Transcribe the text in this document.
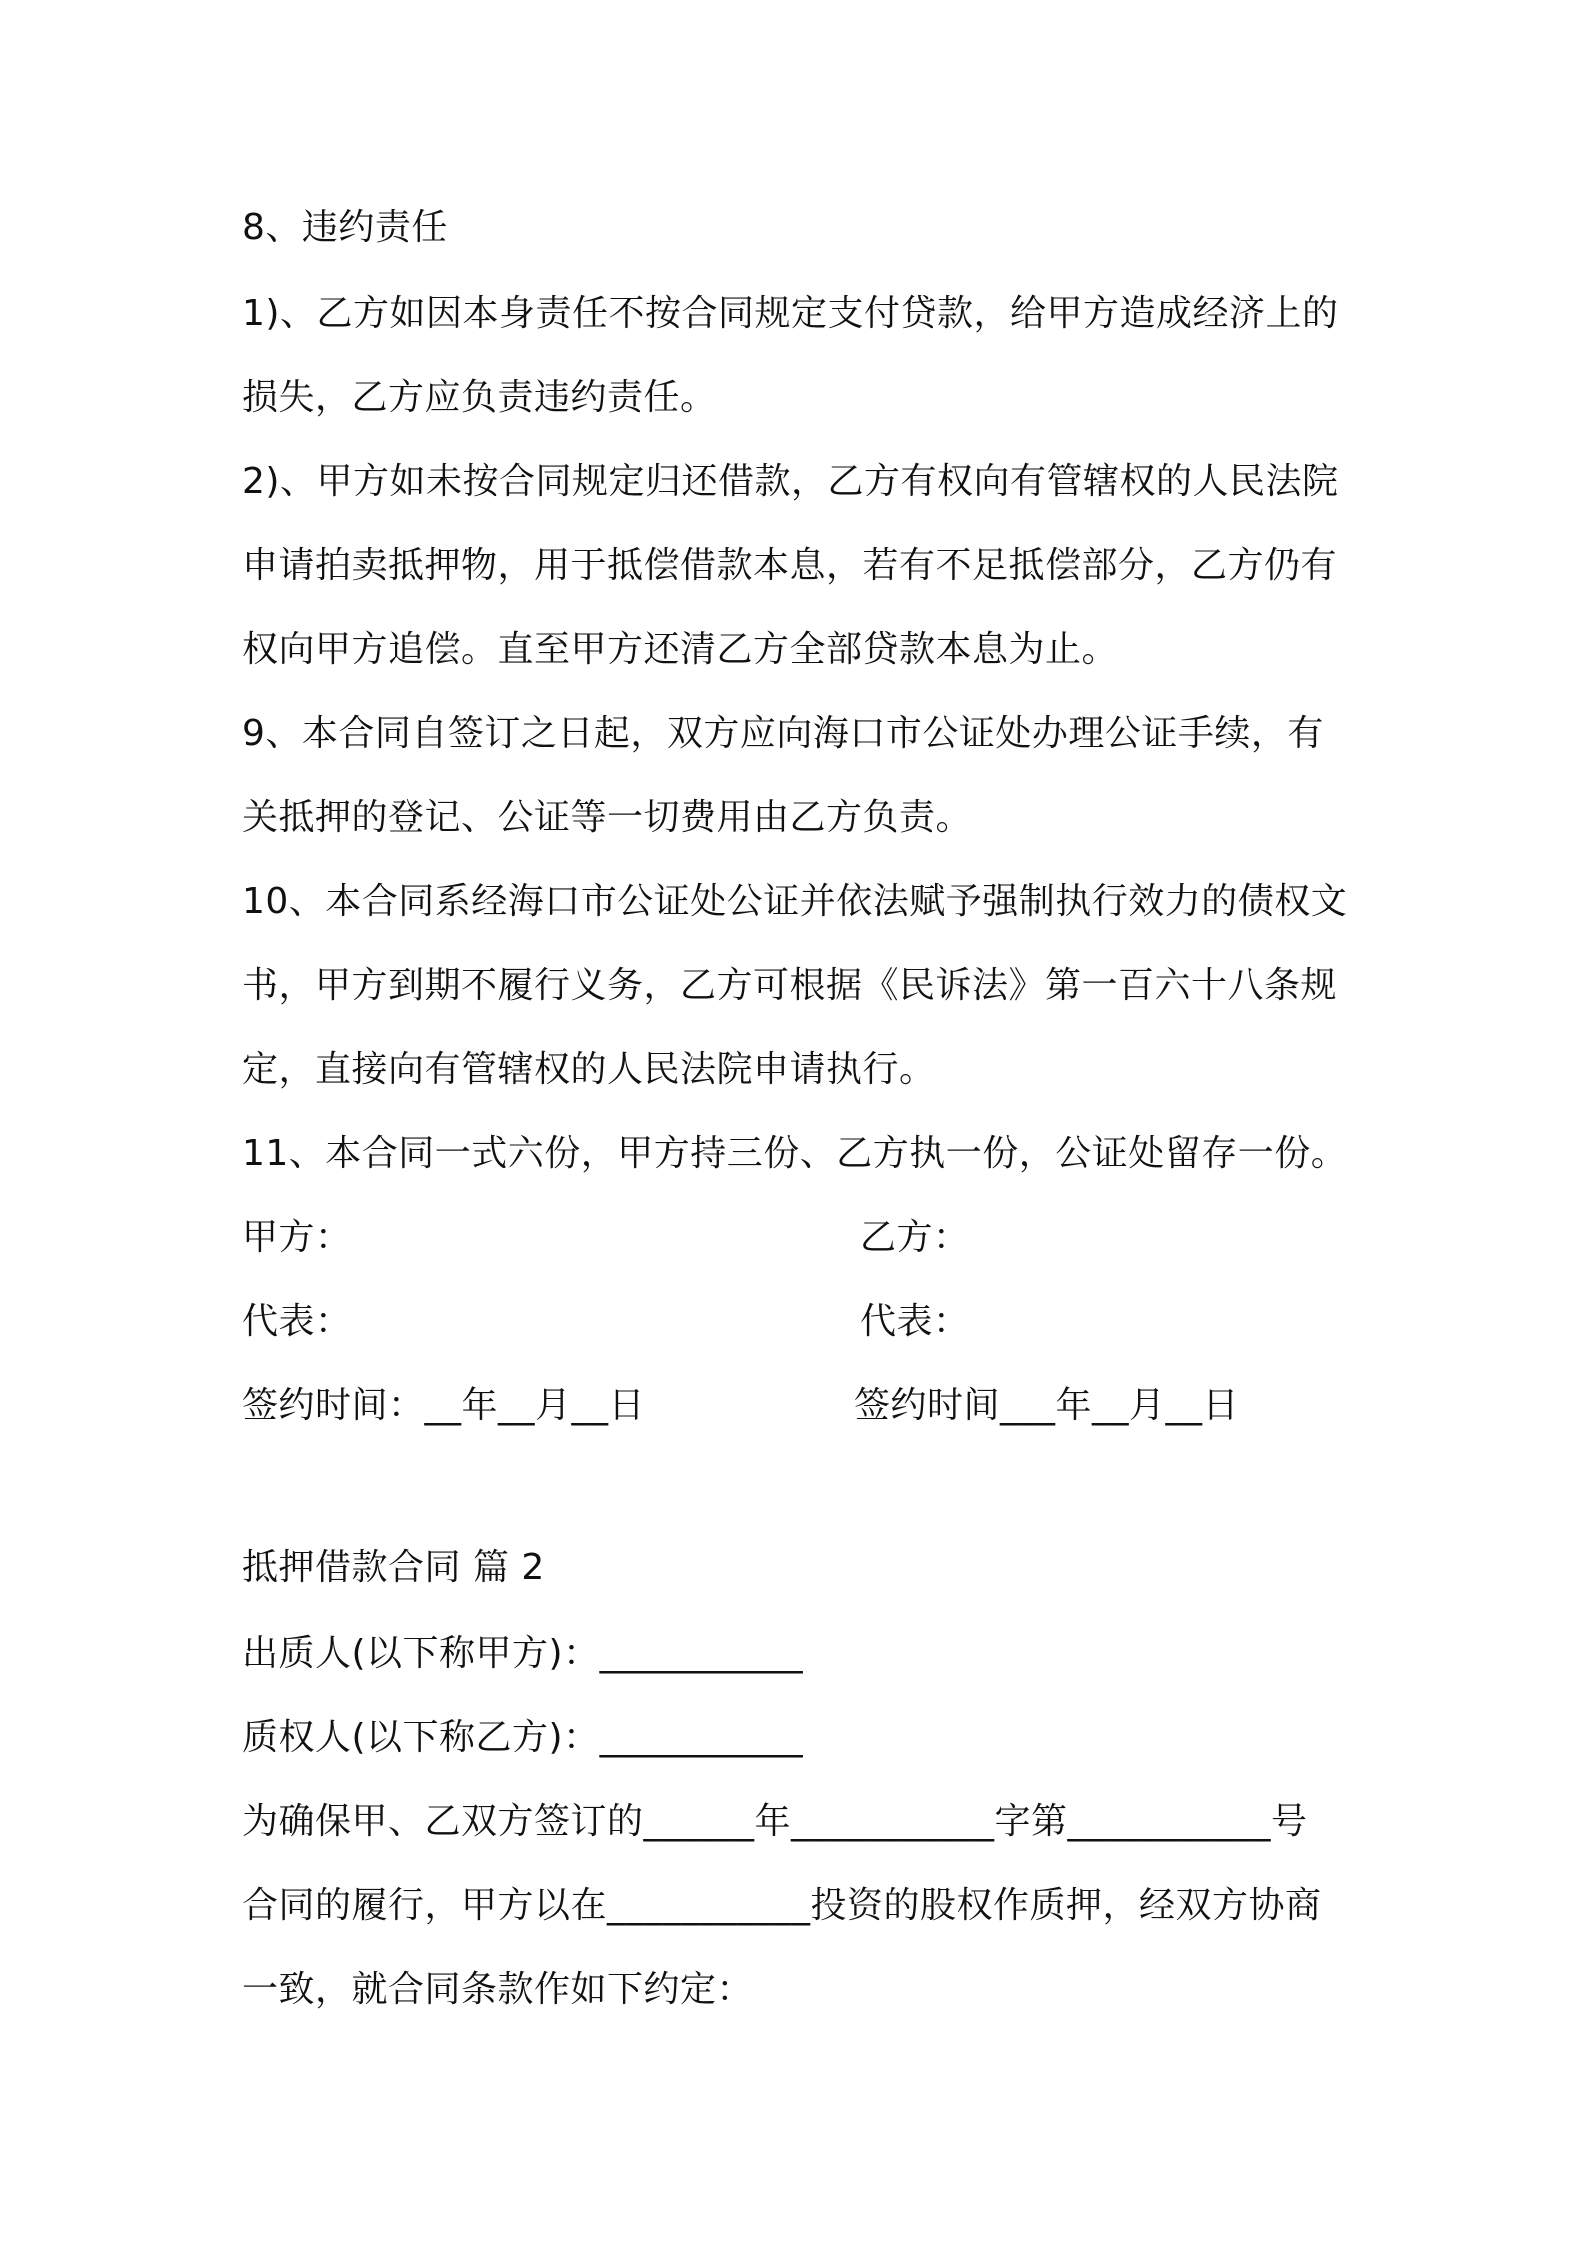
8、违约责任
1)、乙方如因本身责任不按合同规定支付贷款，给甲方造成经济上的
损失，乙方应负责违约责任。
2)、甲方如未按合同规定归还借款，乙方有权向有管辖权的人民法院
申请拍卖抵押物，用于抵偿借款本息，若有不足抵偿部分，乙方仍有
权向甲方追偿。直至甲方还清乙方全部贷款本息为止。
9、本合同自签订之日起，双方应向海口市公证处办理公证手续，有
关抵押的登记、公证等一切费用由乙方负责。
10、本合同系经海口市公证处公证并依法赋予强制执行效力的债权文
书，甲方到期不履行义务，乙方可根据《民诉法》第一百六十八条规
定，直接向有管辖权的人民法院申请执行。
11、本合同一式六份，甲方持三份、乙方执一份，公证处留存一份。
甲方：	乙方：
代表：	代表：
签约时间：__年__月__日	签约时间___年__月__日
抵押借款合同 篇 2
出质人(以下称甲方)：___________
质权人(以下称乙方)：___________
为确保甲、乙双方签订的______年___________字第___________号
合同的履行，甲方以在___________投资的股权作质押，经双方协商
一致，就合同条款作如下约定：
